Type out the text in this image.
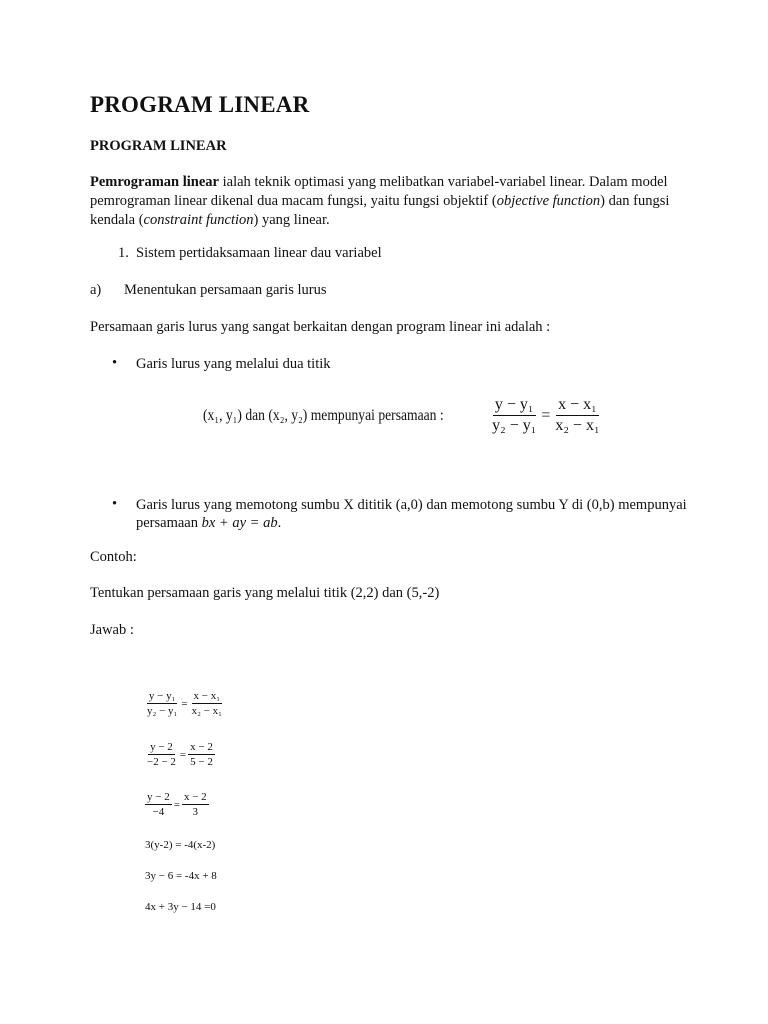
PROGRAM LINEAR
PROGRAM LINEAR
Pemrograman linear ialah teknik optimasi yang melibatkan variabel-variabel linear. Dalam model pemrograman linear dikenal dua macam fungsi, yaitu fungsi objektif (objective function) dan fungsi kendala (constraint function) yang linear.
1. Sistem pertidaksamaan linear dau variabel
a) Menentukan persamaan garis lurus
Persamaan garis lurus yang sangat berkaitan dengan program linear ini adalah :
• Garis lurus yang melalui dua titik
(x₁, y₁) dan (x₂, y₂) mempunyai persamaan :	$\frac{\text{y − y₁}}{\text{y₂ − y₁}} = \frac{\text{x − x₁}}{\text{x₂ − x₁}}$
• Garis lurus yang memotong sumbu X dititik (a,0) dan memotong sumbu Y di (0,b) mempunyai persamaan bx + ay = ab.
Contoh:
Tentukan persamaan garis yang melalui titik (2,2) dan (5,-2)
Jawab :
$\frac{\text{y − y₁}}{\text{y₂ − y₁}} = \frac{\text{x − x₁}}{\text{x₂ − x₁}}$
$\frac{y - 2}{-2 - 2} = \frac{x - 2}{5 - 2}$
$\frac{y - 2}{-4} = \frac{x - 2}{3}$
3(y-2) = -4(x-2)
3y − 6 = -4x + 8
4x + 3y − 14 =0
